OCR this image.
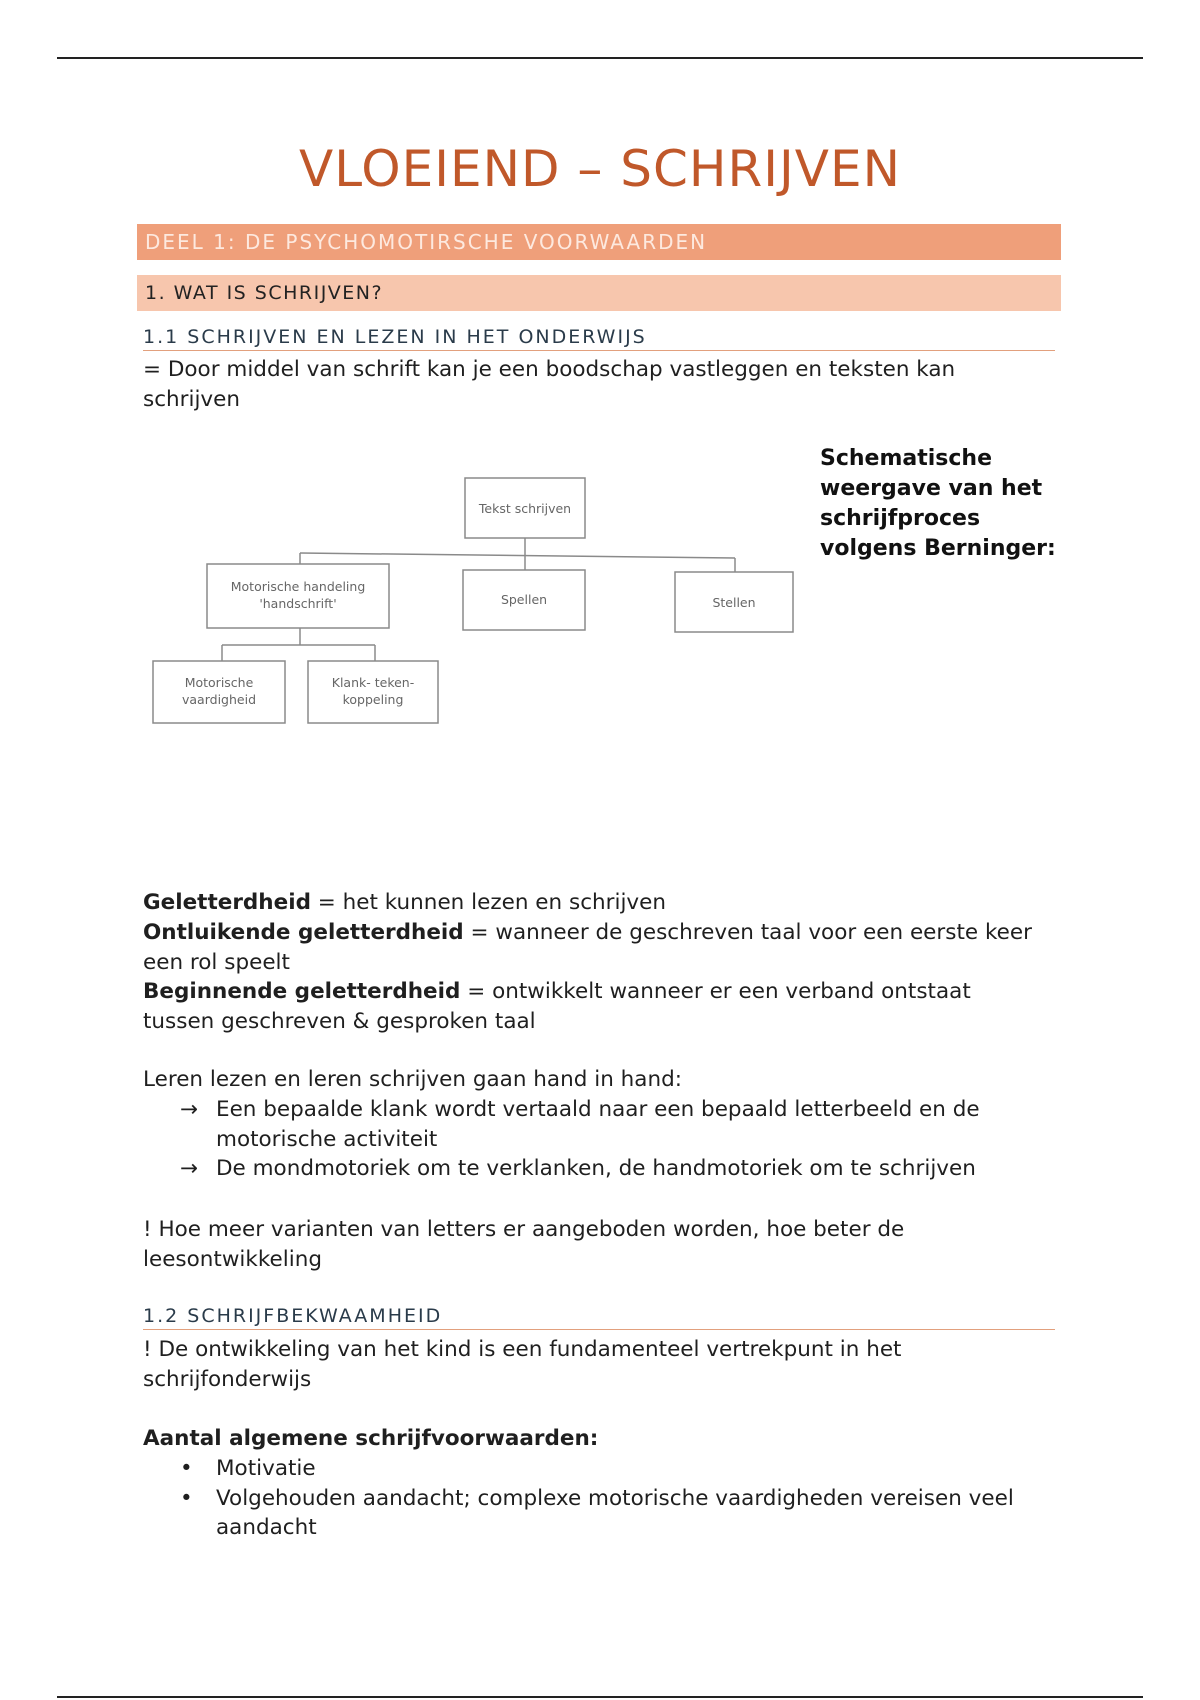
VLOEIEND – SCHRIJVEN
DEEL 1: DE PSYCHOMOTIRSCHE VOORWAARDEN
1. WAT IS SCHRIJVEN?
1.1 SCHRIJVEN EN LEZEN IN HET ONDERWIJS
= Door middel van schrift kan je een boodschap vastleggen en teksten kan schrijven
Tekst schrijven
Motorische handeling
'handschrift'	Spellen	Stellen
Motorische
vaardigheid
Klank- teken-
koppeling
Schematische weergave van het schrijfproces volgens Berninger:
Geletterdheid = het kunnen lezen en schrijven
Ontluikende geletterdheid = wanneer de geschreven taal voor een eerste keer een rol speelt
Beginnende geletterdheid = ontwikkelt wanneer er een verband ontstaat tussen geschreven & gesproken taal
Leren lezen en leren schrijven gaan hand in hand:
→ Een bepaalde klank wordt vertaald naar een bepaald letterbeeld en de motorische activiteit
→ De mondmotoriek om te verklanken, de handmotoriek om te schrijven
! Hoe meer varianten van letters er aangeboden worden, hoe beter de leesontwikkeling
1.2 SCHRIJFBEKWAAMHEID
! De ontwikkeling van het kind is een fundamenteel vertrekpunt in het schrijfonderwijs
Aantal algemene schrijfvoorwaarden:
• Motivatie
• Volgehouden aandacht; complexe motorische vaardigheden vereisen veel aandacht
